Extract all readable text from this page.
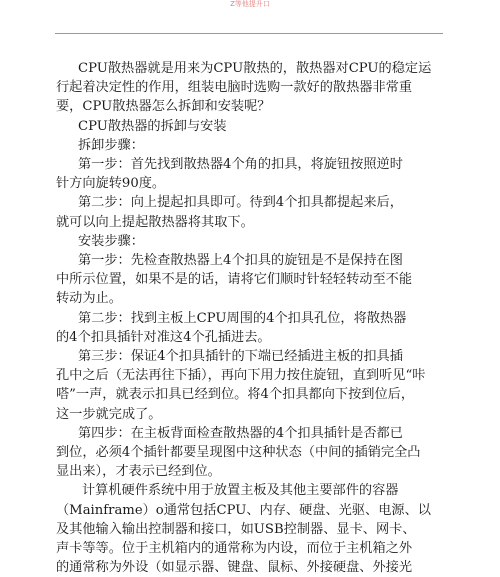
Z等他提升口

CPU散热器就是用来为CPU散热的，散热器对CPU的稳定运

行起着决定性的作用，组装电脑时选购一款好的散热器非常重

要，CPU散热器怎么拆卸和安装呢？

CPU散热器的拆卸与安装

拆卸步骤：

第一步：首先找到散热器4个角的扣具，将旋钮按照逆时

针方向旋转90度。

第二步：向上提起扣具即可。待到4个扣具都提起来后，

就可以向上提起散热器将其取下。

安装步骤：

第一步：先检查散热器上4个扣具的旋钮是不是保持在图

中所示位置，如果不是的话，请将它们顺时针轻轻转动至不能

转动为止。

第二步：找到主板上CPU周围的4个扣具孔位，将散热器

的4个扣具插针对准这4个孔插进去。

第三步：保证4个扣具插针的下端已经插进主板的扣具插

孔中之后（无法再往下插），再向下用力按住旋钮，直到听见“咔

嗒”一声，就表示扣具已经到位。将4个扣具都向下按到位后，

这一步就完成了。

第四步：在主板背面检查散热器的4个扣具插针是否都已

到位，必须4个插针都要呈现图中这种状态（中间的插销完全凸

显出来），才表示已经到位。

计算机硬件系统中用于放置主板及其他主要部件的容器

（Mainframe）o通常包括CPU、内存、硬盘、光驱、电源、以

及其他输入输出控制器和接口，如USB控制器、显卡、网卡、

声卡等等。位于主机箱内的通常称为内设，而位于主机箱之外

的通常称为外设（如显示器、键盘、鼠标、外接硬盘、外接光
